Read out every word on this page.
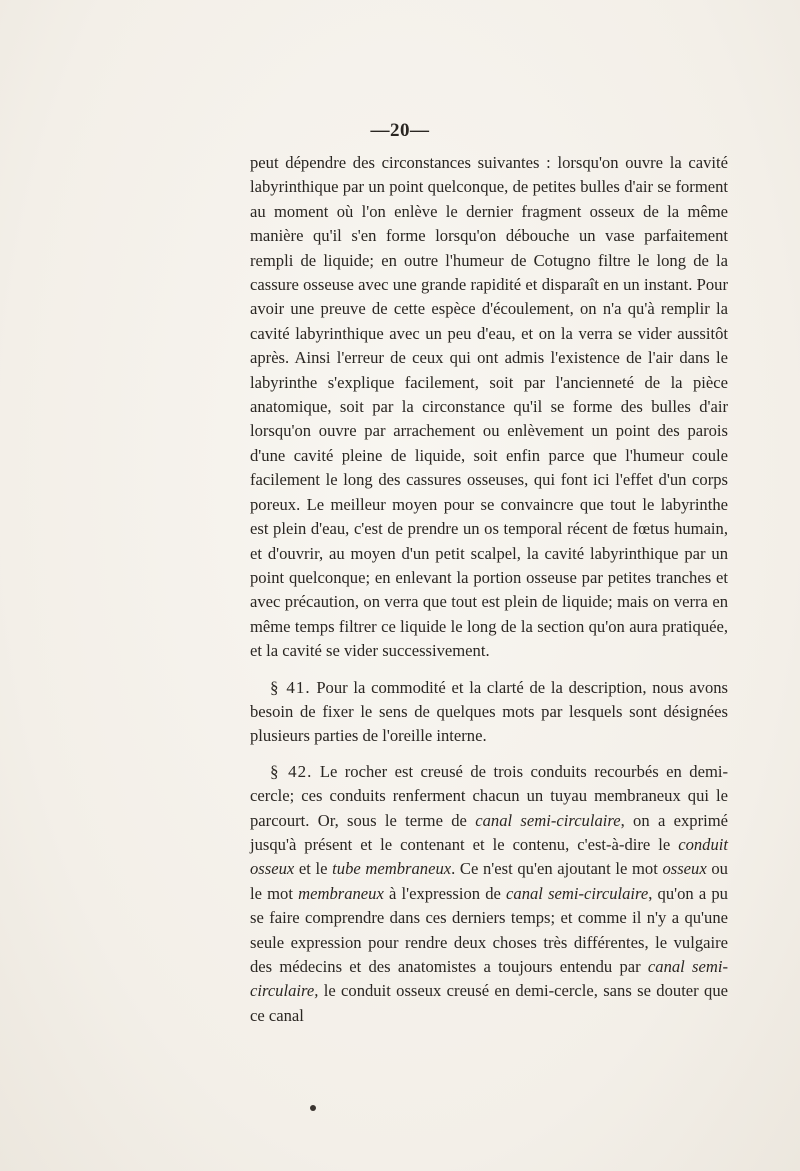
—20—

peut dépendre des circonstances suivantes : lorsqu'on ouvre la cavité labyrinthique par un point quelconque, de petites bulles d'air se forment au moment où l'on enlève le dernier fragment osseux de la même manière qu'il s'en forme lorsqu'on débouche un vase parfaitement rempli de liquide; en outre l'humeur de Cotugno filtre le long de la cassure osseuse avec une grande rapidité et disparaît en un instant. Pour avoir une preuve de cette espèce d'écoulement, on n'a qu'à remplir la cavité labyrinthique avec un peu d'eau, et on la verra se vider aussitôt après. Ainsi l'erreur de ceux qui ont admis l'existence de l'air dans le labyrinthe s'explique facilement, soit par l'ancienneté de la pièce anatomique, soit par la circonstance qu'il se forme des bulles d'air lorsqu'on ouvre par arrachement ou enlèvement un point des parois d'une cavité pleine de liquide, soit enfin parce que l'humeur coule facilement le long des cassures osseuses, qui font ici l'effet d'un corps poreux. Le meilleur moyen pour se convaincre que tout le labyrinthe est plein d'eau, c'est de prendre un os temporal récent de fœtus humain, et d'ouvrir, au moyen d'un petit scalpel, la cavité labyrinthique par un point quelconque; en enlevant la portion osseuse par petites tranches et avec précaution, on verra que tout est plein de liquide; mais on verra en même temps filtrer ce liquide le long de la section qu'on aura pratiquée, et la cavité se vider successivement.

§ 41. Pour la commodité et la clarté de la description, nous avons besoin de fixer le sens de quelques mots par lesquels sont désignées plusieurs parties de l'oreille interne.

§ 42. Le rocher est creusé de trois conduits recourbés en demi-cercle; ces conduits renferment chacun un tuyau membraneux qui le parcourt. Or, sous le terme de canal semi-circulaire, on a exprimé jusqu'à présent et le contenant et le contenu, c'est-à-dire le conduit osseux et le tube membraneux. Ce n'est qu'en ajoutant le mot osseux ou le mot membraneux à l'expression de canal semi-circulaire, qu'on a pu se faire comprendre dans ces derniers temps; et comme il n'y a qu'une seule expression pour rendre deux choses très différentes, le vulgaire des médecins et des anatomistes a toujours entendu par canal semi-circulaire, le conduit osseux creusé en demi-cercle, sans se douter que ce canal
